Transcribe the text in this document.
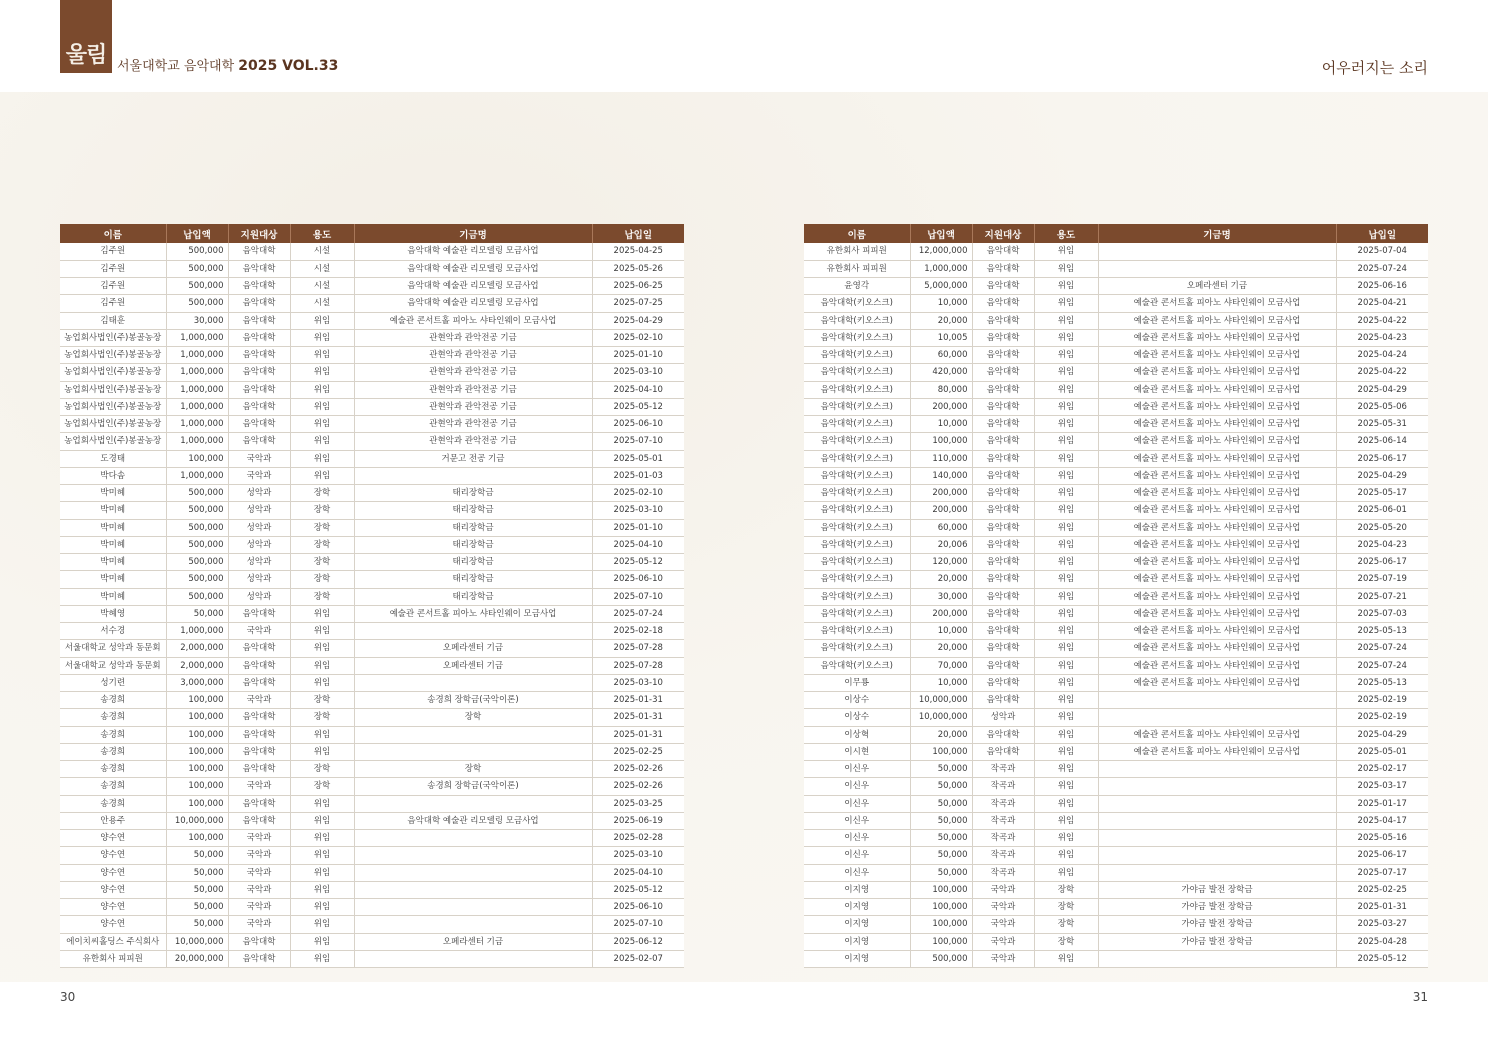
울림 서울대학교 음악대학 2025 VOL.33	어우러지는 소리
이름	납입액	지원대상	용도	기금명	납입일
김주원	500,000	음악대학	시설	음악대학 예술관 리모델링 모금사업	2025-04-25
김주원	500,000	음악대학	시설	음악대학 예술관 리모델링 모금사업	2025-05-26
김주원	500,000	음악대학	시설	음악대학 예술관 리모델링 모금사업	2025-06-25
김주원	500,000	음악대학	시설	음악대학 예술관 리모델링 모금사업	2025-07-25
김태훈	30,000	음악대학	위임	예술관 콘서트홀 피아노 샤타인웨이 모금사업	2025-04-29
농업회사법인(주)봉골농장	1,000,000	음악대학	위임	관현악과 관악전공 기금	2025-02-10
농업회사법인(주)봉골농장	1,000,000	음악대학	위임	관현악과 관악전공 기금	2025-01-10
농업회사법인(주)봉골농장	1,000,000	음악대학	위임	관현악과 관악전공 기금	2025-03-10
농업회사법인(주)봉골농장	1,000,000	음악대학	위임	관현악과 관악전공 기금	2025-04-10
농업회사법인(주)봉골농장	1,000,000	음악대학	위임	관현악과 관악전공 기금	2025-05-12
농업회사법인(주)봉골농장	1,000,000	음악대학	위임	관현악과 관악전공 기금	2025-06-10
농업회사법인(주)봉골농장	1,000,000	음악대학	위임	관현악과 관악전공 기금	2025-07-10
도경태	100,000	국악과	위임	거문고 전공 기금	2025-05-01
박다솜	1,000,000	국악과	위임		2025-01-03
박미혜	500,000	성악과	장학	태리장학금	2025-02-10
박미혜	500,000	성악과	장학	태리장학금	2025-03-10
박미혜	500,000	성악과	장학	태리장학금	2025-01-10
박미혜	500,000	성악과	장학	태리장학금	2025-04-10
박미혜	500,000	성악과	장학	태리장학금	2025-05-12
박미혜	500,000	성악과	장학	태리장학금	2025-06-10
박미혜	500,000	성악과	장학	태리장학금	2025-07-10
박혜영	50,000	음악대학	위임	예술관 콘서트홀 피아노 샤타인웨이 모금사업	2025-07-24
서수경	1,000,000	국악과	위임		2025-02-18
서울대학교 성악과 동문회	2,000,000	음악대학	위임	오페라센터 기금	2025-07-28
서울대학교 성악과 동문회	2,000,000	음악대학	위임	오페라센터 기금	2025-07-28
성기련	3,000,000	음악대학	위임		2025-03-10
송경희	100,000	국악과	장학	송경희 장학금(국악이론)	2025-01-31
송경희	100,000	음악대학	장학	장학	2025-01-31
송경희	100,000	음악대학	위임		2025-01-31
송경희	100,000	음악대학	위임		2025-02-25
송경희	100,000	음악대학	장학	장학	2025-02-26
송경희	100,000	국악과	장학	송경희 장학금(국악이론)	2025-02-26
송경희	100,000	음악대학	위임		2025-03-25
안용주	10,000,000	음악대학	위임	음악대학 예술관 리모델링 모금사업	2025-06-19
양수연	100,000	국악과	위임		2025-02-28
양수연	50,000	국악과	위임		2025-03-10
양수연	50,000	국악과	위임		2025-04-10
양수연	50,000	국악과	위임		2025-05-12
양수연	50,000	국악과	위임		2025-06-10
양수연	50,000	국악과	위임		2025-07-10
에이치씨홀딩스 주식회사	10,000,000	음악대학	위임	오페라센터 기금	2025-06-12
유한회사 피피원	20,000,000	음악대학	위임		2025-02-07
이름	납입액	지원대상	용도	기금명	납입일
유한회사 피피원	12,000,000	음악대학	위임		2025-07-04
유한회사 피피원	1,000,000	음악대학	위임		2025-07-24
윤영각	5,000,000	음악대학	위임	오페라센터 기금	2025-06-16
음악대학(키오스크)	10,000	음악대학	위임	예술관 콘서트홀 피아노 샤타인웨이 모금사업	2025-04-21
음악대학(키오스크)	20,000	음악대학	위임	예술관 콘서트홀 피아노 샤타인웨이 모금사업	2025-04-22
음악대학(키오스크)	10,005	음악대학	위임	예술관 콘서트홀 피아노 샤타인웨이 모금사업	2025-04-23
음악대학(키오스크)	60,000	음악대학	위임	예술관 콘서트홀 피아노 샤타인웨이 모금사업	2025-04-24
음악대학(키오스크)	420,000	음악대학	위임	예술관 콘서트홀 피아노 샤타인웨이 모금사업	2025-04-22
음악대학(키오스크)	80,000	음악대학	위임	예술관 콘서트홀 피아노 샤타인웨이 모금사업	2025-04-29
음악대학(키오스크)	200,000	음악대학	위임	예술관 콘서트홀 피아노 샤타인웨이 모금사업	2025-05-06
음악대학(키오스크)	10,000	음악대학	위임	예술관 콘서트홀 피아노 샤타인웨이 모금사업	2025-05-31
음악대학(키오스크)	100,000	음악대학	위임	예술관 콘서트홀 피아노 샤타인웨이 모금사업	2025-06-14
음악대학(키오스크)	110,000	음악대학	위임	예술관 콘서트홀 피아노 샤타인웨이 모금사업	2025-06-17
음악대학(키오스크)	140,000	음악대학	위임	예술관 콘서트홀 피아노 샤타인웨이 모금사업	2025-04-29
음악대학(키오스크)	200,000	음악대학	위임	예술관 콘서트홀 피아노 샤타인웨이 모금사업	2025-05-17
음악대학(키오스크)	200,000	음악대학	위임	예술관 콘서트홀 피아노 샤타인웨이 모금사업	2025-06-01
음악대학(키오스크)	60,000	음악대학	위임	예술관 콘서트홀 피아노 샤타인웨이 모금사업	2025-05-20
음악대학(키오스크)	20,006	음악대학	위임	예술관 콘서트홀 피아노 샤타인웨이 모금사업	2025-04-23
음악대학(키오스크)	120,000	음악대학	위임	예술관 콘서트홀 피아노 샤타인웨이 모금사업	2025-06-17
음악대학(키오스크)	20,000	음악대학	위임	예술관 콘서트홀 피아노 샤타인웨이 모금사업	2025-07-19
음악대학(키오스크)	30,000	음악대학	위임	예술관 콘서트홀 피아노 샤타인웨이 모금사업	2025-07-21
음악대학(키오스크)	200,000	음악대학	위임	예술관 콘서트홀 피아노 샤타인웨이 모금사업	2025-07-03
음악대학(키오스크)	10,000	음악대학	위임	예술관 콘서트홀 피아노 샤타인웨이 모금사업	2025-05-13
음악대학(키오스크)	20,000	음악대학	위임	예술관 콘서트홀 피아노 샤타인웨이 모금사업	2025-07-24
음악대학(키오스크)	70,000	음악대학	위임	예술관 콘서트홀 피아노 샤타인웨이 모금사업	2025-07-24
이무룡	10,000	음악대학	위임	예술관 콘서트홀 피아노 샤타인웨이 모금사업	2025-05-13
이상수	10,000,000	음악대학	위임		2025-02-19
이상수	10,000,000	성악과	위임		2025-02-19
이상혁	20,000	음악대학	위임	예술관 콘서트홀 피아노 샤타인웨이 모금사업	2025-04-29
이시현	100,000	음악대학	위임	예술관 콘서트홀 피아노 샤타인웨이 모금사업	2025-05-01
이신우	50,000	작곡과	위임		2025-02-17
이신우	50,000	작곡과	위임		2025-03-17
이신우	50,000	작곡과	위임		2025-01-17
이신우	50,000	작곡과	위임		2025-04-17
이신우	50,000	작곡과	위임		2025-05-16
이신우	50,000	작곡과	위임		2025-06-17
이신우	50,000	작곡과	위임		2025-07-17
이지영	100,000	국악과	장학	가야금 발전 장학금	2025-02-25
이지영	100,000	국악과	장학	가야금 발전 장학금	2025-01-31
이지영	100,000	국악과	장학	가야금 발전 장학금	2025-03-27
이지영	100,000	국악과	장학	가야금 발전 장학금	2025-04-28
이지영	500,000	국악과	위임		2025-05-12
30	31
